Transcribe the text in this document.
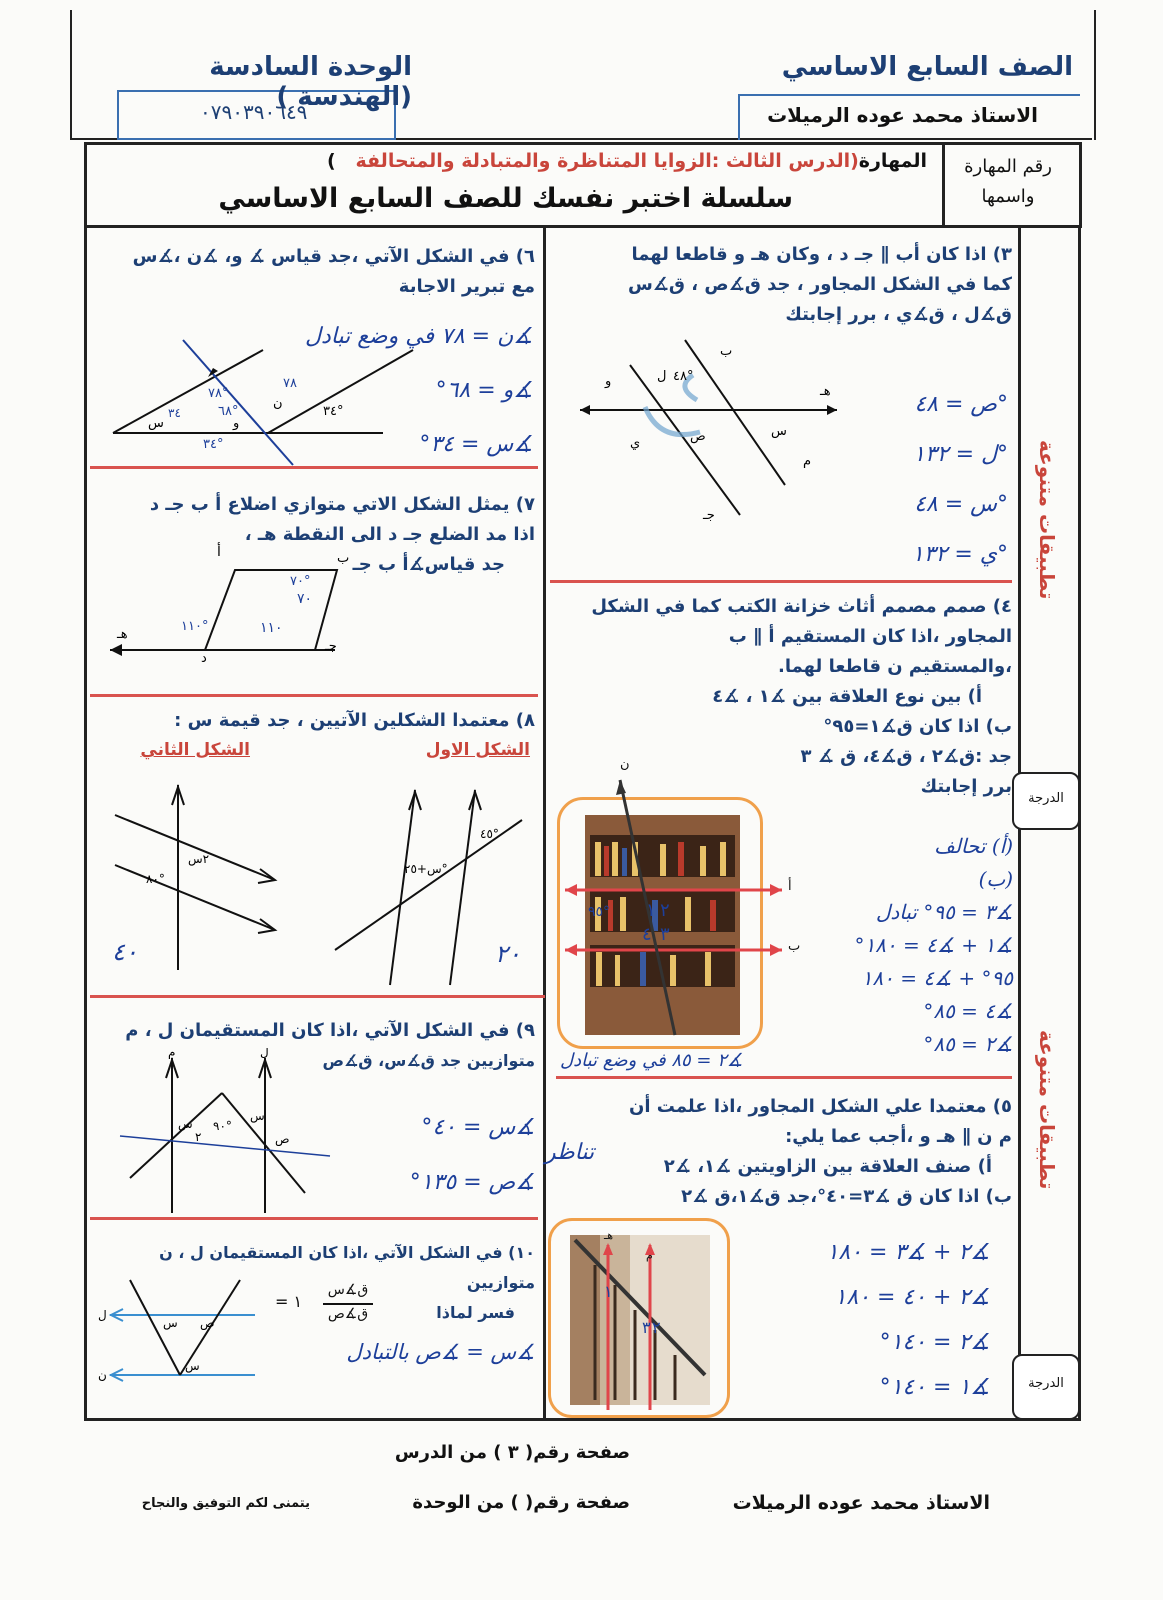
الصف السابع الاساسي
الوحدة السادسة (الهندسة )
٠٧٩٠٣٩٠٦٤٩	الاستاذ محمد عوده الرميلات
رقم المهارة
واسمها
المهارة(الدرس الثالث :الزوايا المتناظرة والمتبادلة والمتحالفة   )
سلسلة اختبر نفسك للصف السابع الاساسي
تطبيقات متنوعة
الدرجة
تطبيقات متنوعة
الدرجة
٣) اذا كان أب ∥ جـ د ، وكان هـ و قاطعا لهما
كما في الشكل المجاور ، جد ق∡ص ، ق∡س
ق∡ل ، ق∡ي ، برر إجابتك
٤٨°
ل
ي	ص	س
و
هـ
ب
م
جـ
ص = ٤٨°
ل = ١٣٢°
س = ٤٨°
ي = ١٣٢°
٤) صمم مصمم أثاث خزانة الكتب كما في الشكل
المجاور ،اذا كان المستقيم أ ∥ ب
،والمستقيم ن قاطعا لهما.
أ) بين نوع العلاقة بين ∡١ ، ∡٤
ب) اذا كان ق∡١=٩٥°
جد :ق∡٢ ، ق∡٤، ق ∡ ٣
برر إجابتك
ن
أ
ب
٩٥° ١ ٢
٤ ٣
(أ) تحالف
(ب)
∡٣ = ٩٥° تبادل
∡١ + ∡٤ = ١٨٠°
٩٥° + ∡٤ = ١٨٠
∡٤ = ٨٥°
∡٢ = ٨٥°
∡٢ = ٨٥ في وضع تبادل
٥) معتمدا علي الشكل المجاور ،اذا علمت أن
م ن ∥ هـ و ،أجب عما يلي:
أ) صنف العلاقة بين الزاويتين ∡١، ∡٢
ب) اذا كان ق ∡٣=٤٠°،جد ق∡١،ق ∡٢
تناظر
هـ
م
٣ ٢
١
∡٢ + ∡٣ = ١٨٠
∡٢ + ٤٠ = ١٨٠
∡٢ = ١٤٠°
∡١ = ١٤٠°
٦) في الشكل الآتي ،جد قياس ∡ و، ∡ن ،∡س
مع تبرير الاجابة
٧٨°
٧٨
٦٨°
ن
و
س
٣٤°
٣٤°
٣٤
∡ن = ٧٨ في وضع تبادل
∡و = ٦٨°
∡س = ٣٤°
٧) يمثل الشكل الاتي متوازي اضلاع أ ب جـ د
اذا مد الضلع جـ د الى النقطة هـ ،
جد قياس∡أ ب جـ
أ	ب
جـ
د
هـ
١١٠°
٧٠°
٧٠
١١٠
٨) معتمدا الشكلين الآتيين ، جد قيمة س :
الشكل الاول
الشكل الثاني
٤٥°
س+٢٥°
٢٠
٢س
٨٠°
٤٠
٩) في الشكل الآتي ،اذا كان المستقيمان ل ، م
متوازيين جد ق∡س، ق∡ص
ل
م
س
س
ص
٩٠°
٢	∡س = ٤٠°
∡ص = ١٣٥°
١٠) في الشكل الآتي ،اذا كان المستقيمان ل ، ن متوازيين
فسر لماذا
ل
ن
س ص
س
ق∡س
ق∡ص
= ١
∡س = ∡ص بالتبادل
صفحة رقم( ٣ ) من الدرس
صفحة رقم( ) من الوحدة	الاستاذ محمد عوده الرميلات
يتمنى لكم التوفيق والنجاح
